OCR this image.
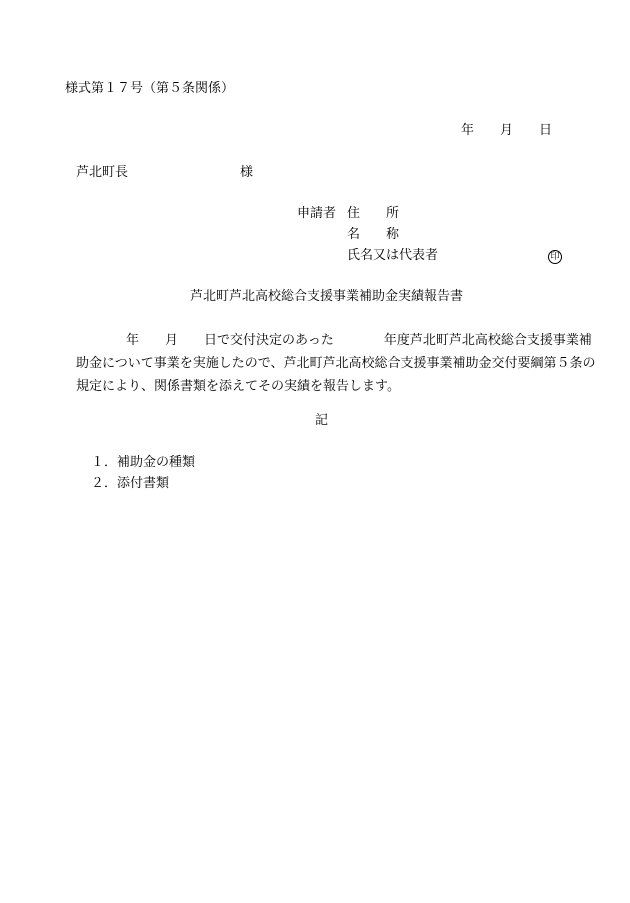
様式第１７号（第５条関係）
年 月 日
芦北町長	様
申請者 住　　所
名　　称
氏名又は代表者	印
芦北町芦北高校総合支援事業補助金実績報告書
年 月 日で交付決定のあった	年度芦北町芦北高校総合支援事業補
助金について事業を実施したので、芦北町芦北高校総合支援事業補助金交付要綱第５条の
規定により、関係書類を添えてその実績を報告します。
記
１．補助金の種類
２．添付書類
